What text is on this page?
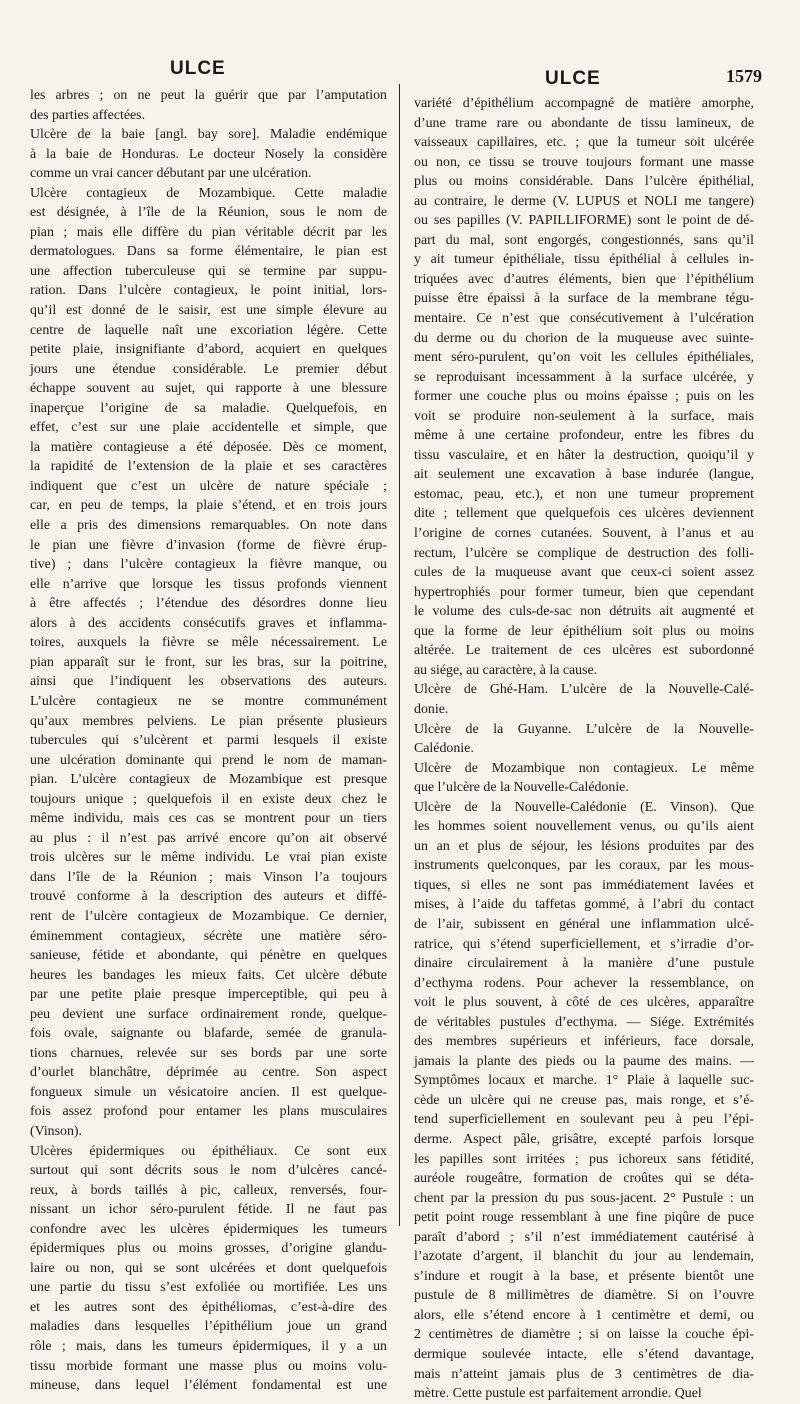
ULCE	ULCE	1579
les arbres ; on ne peut la guérir que par l’amputation
des parties affectées.
Ulcère de la baie [angl. bay sore]. Maladie endémique
à la baie de Honduras. Le docteur Nosely la considère
comme un vrai cancer débutant par une ulcération.
Ulcère contagieux de Mozambique. Cette maladie
est désignée, à l’île de la Réunion, sous le nom de
pian ; mais elle diffère du pian véritable décrit par les
dermatologues. Dans sa forme élémentaire, le pian est
une affection tuberculeuse qui se termine par suppu-
ration. Dans l’ulcère contagieux, le point initial, lors-
qu’il est donné de le saisir, est une simple élevure au
centre de laquelle naît une excoriation légère. Cette
petite plaie, insignifiante d’abord, acquiert en quelques
jours une étendue considérable. Le premier début
échappe souvent au sujet, qui rapporte à une blessure
inaperçue l’origine de sa maladie. Quelquefois, en
effet, c’est sur une plaie accidentelle et simple, que
la matière contagieuse a été déposée. Dès ce moment,
la rapidité de l’extension de la plaie et ses caractères
indiquent que c’est un ulcère de nature spéciale ;
car, en peu de temps, la plaie s’étend, et en trois jours
elle a pris des dimensions remarquables. On note dans
le pian une fièvre d’invasion (forme de fièvre érup-
tive) ; dans l’ulcère contagieux la fièvre manque, ou
elle n’arrive que lorsque les tissus profonds viennent
à être affectés ; l’étendue des désordres donne lieu
alors à des accidents consécutifs graves et inflamma-
toires, auxquels la fièvre se mêle nécessairement. Le
pian apparaît sur le front, sur les bras, sur la poitrine,
ainsi que l’indiquent les observations des auteurs.
L’ulcère contagieux ne se montre communément
qu’aux membres pelviens. Le pian présente plusieurs
tubercules qui s’ulcèrent et parmi lesquels il existe
une ulcération dominante qui prend le nom de maman-
pian. L’ulcère contagieux de Mozambique est presque
toujours unique ; quelquefois il en existe deux chez le
même individu, mais ces cas se montrent pour un tiers
au plus : il n’est pas arrivé encore qu’on ait observé
trois ulcères sur le même individu. Le vrai pian existe
dans l’île de la Réunion ; mais Vinson l’a toujours
trouvé conforme à la description des auteurs et diffé-
rent de l’ulcère contagieux de Mozambique. Ce dernier,
éminemment contagieux, sécrète une matière séro-
sanieuse, fétide et abondante, qui pénètre en quelques
heures les bandages les mieux faits. Cet ulcère débute
par une petite plaie presque imperceptible, qui peu à
peu devient une surface ordinairement ronde, quelque-
fois ovale, saignante ou blafarde, semée de granula-
tions charnues, relevée sur ses bords par une sorte
d’ourlet blanchâtre, déprimée au centre. Son aspect
fongueux simule un vésicatoire ancien. Il est quelque-
fois assez profond pour entamer les plans musculaires
(Vinson).
Ulcères épidermiques ou épithéliaux. Ce sont eux
surtout qui sont décrits sous le nom d’ulcères cancé-
reux, à bords taillés à pic, calleux, renversés, four-
nissant un ichor séro-purulent fétide. Il ne faut pas
confondre avec les ulcères épidermiques les tumeurs
épidermiques plus ou moins grosses, d’origine glandu-
laire ou non, qui se sont ulcérées et dont quelquefois
une partie du tissu s’est exfoliée ou mortifiée. Les uns
et les autres sont des épithéliomas, c’est-à-dire des
maladies dans lesquelles l’épithélium joue un grand
rôle ; mais, dans les tumeurs épidermiques, il y a un
tissu morbide formant une masse plus ou moins volu-
mineuse, dans lequel l’élément fondamental est une
variété d’épithélium accompagné de matière amorphe,
d’une trame rare ou abondante de tissu lamineux, de
vaisseaux capillaires, etc. ; que la tumeur soit ulcérée
ou non, ce tissu se trouve toujours formant une masse
plus ou moins considérable. Dans l’ulcère épithélial,
au contraire, le derme (V. LUPUS et NOLI me tangere)
ou ses papilles (V. PAPILLIFORME) sont le point de dé-
part du mal, sont engorgés, congestionnés, sans qu’il
y ait tumeur épithéliale, tissu épithélial à cellules in-
triquées avec d’autres éléments, bien que l’épithélium
puisse être épaissi à la surface de la membrane tégu-
mentaire. Ce n’est que consécutivement à l’ulcération
du derme ou du chorion de la muqueuse avec suinte-
ment séro-purulent, qu’on voit les cellules épithéliales,
se reproduisant incessamment à la surface ulcérée, y
former une couche plus ou moins épaisse ; puis on les
voit se produire non-seulement à la surface, mais
même à une certaine profondeur, entre les fibres du
tissu vasculaire, et en hâter la destruction, quoiqu’il y
ait seulement une excavation à base indurée (langue,
estomac, peau, etc.), et non une tumeur proprement
dite ; tellement que quelquefois ces ulcères deviennent
l’origine de cornes cutanées. Souvent, à l’anus et au
rectum, l’ulcère se complique de destruction des folli-
cules de la muqueuse avant que ceux-ci soient assez
hypertrophiés pour former tumeur, bien que cependant
le volume des culs-de-sac non détruits ait augmenté et
que la forme de leur épithélium soit plus ou moins
altérée. Le traitement de ces ulcères est subordonné
au siége, au caractère, à la cause.
Ulcère de Ghé-Ham. L’ulcère de la Nouvelle-Calé-
donie.
Ulcère de la Guyanne. L’ulcère de la Nouvelle-
Calédonie.
Ulcère de Mozambique non contagieux. Le même
que l’ulcère de la Nouvelle-Calédonie.
Ulcère de la Nouvelle-Calédonie (E. Vinson). Que
les hommes soient nouvellement venus, ou qu’ils aient
un an et plus de séjour, les lésions produites par des
instruments quelconques, par les coraux, par les mous-
tiques, si elles ne sont pas immédiatement lavées et
mises, à l’aide du taffetas gommé, à l’abri du contact
de l’air, subissent en général une inflammation ulcé-
ratrice, qui s’étend superficiellement, et s’irradie d’or-
dinaire circulairement à la manière d’une pustule
d’ecthyma rodens. Pour achever la ressemblance, on
voit le plus souvent, à côté de ces ulcères, apparaître
de véritables pustules d’ecthyma. — Siége. Extrémités
des membres supérieurs et inférieurs, face dorsale,
jamais la plante des pieds ou la paume des mains. —
Symptômes locaux et marche. 1° Plaie à laquelle suc-
cède un ulcère qui ne creuse pas, mais ronge, et s’é-
tend superficiellement en soulevant peu à peu l’épi-
derme. Aspect pâle, grisâtre, excepté parfois lorsque
les papilles sont irritées ; pus ichoreux sans fétidité,
auréole rougeâtre, formation de croûtes qui se déta-
chent par la pression du pus sous-jacent. 2° Pustule : un
petit point rouge ressemblant à une fine piqûre de puce
paraît d’abord ; s’il n’est immédiatement cautérisé à
l’azotate d’argent, il blanchit du jour au lendemain,
s’indure et rougit à la base, et présente bientôt une
pustule de 8 millimètres de diamètre. Si on l’ouvre
alors, elle s’étend encore à 1 centimètre et demi, ou
2 centimètres de diamètre ; si on laisse la couche épi-
dermique soulevée intacte, elle s’étend davantage,
mais n’atteint jamais plus de 3 centimètres de dia-
mètre. Cette pustule est parfaitement arrondie. Quel
